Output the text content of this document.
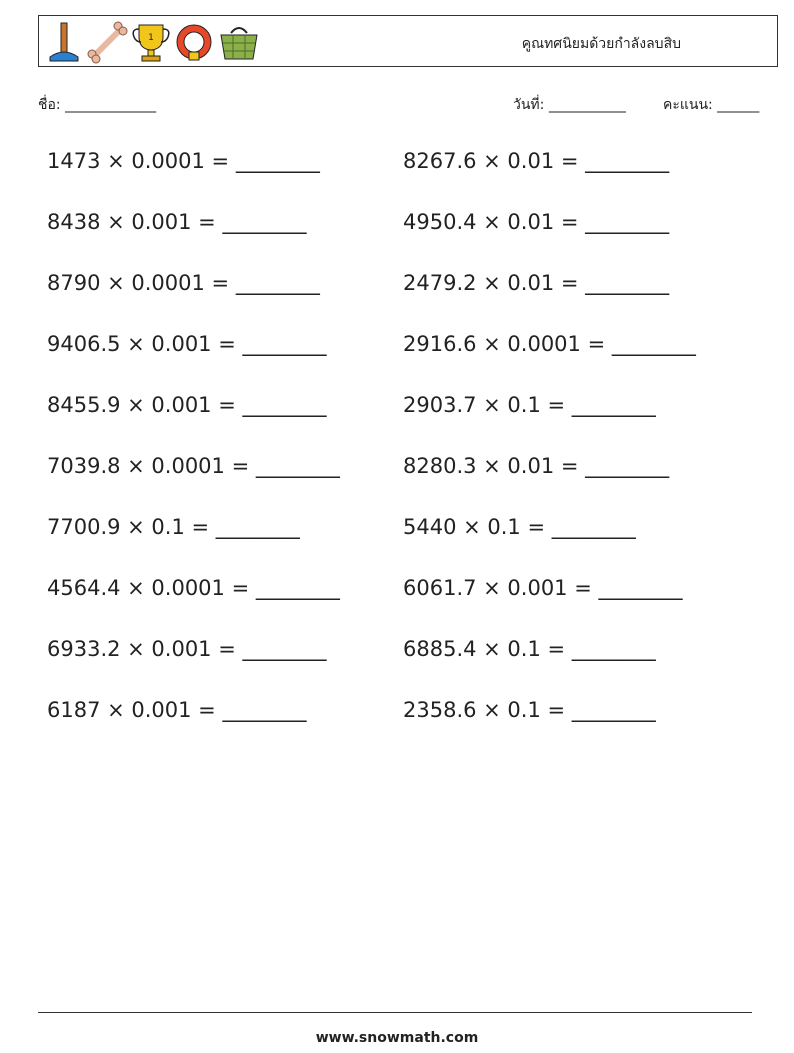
1	คูณทศนิยมด้วยกำลังลบสิบ
ชื่อ: _____________	วันที่: ___________	คะแนน: ______
1473 × 0.0001 = ________
8438 × 0.001 = ________
8790 × 0.0001 = ________
9406.5 × 0.001 = ________
8455.9 × 0.001 = ________
7039.8 × 0.0001 = ________
7700.9 × 0.1 = ________
4564.4 × 0.0001 = ________
6933.2 × 0.001 = ________
6187 × 0.001 = ________
8267.6 × 0.01 = ________
4950.4 × 0.01 = ________
2479.2 × 0.01 = ________
2916.6 × 0.0001 = ________
2903.7 × 0.1 = ________
8280.3 × 0.01 = ________
5440 × 0.1 = ________
6061.7 × 0.001 = ________
6885.4 × 0.1 = ________
2358.6 × 0.1 = ________
www.snowmath.com
